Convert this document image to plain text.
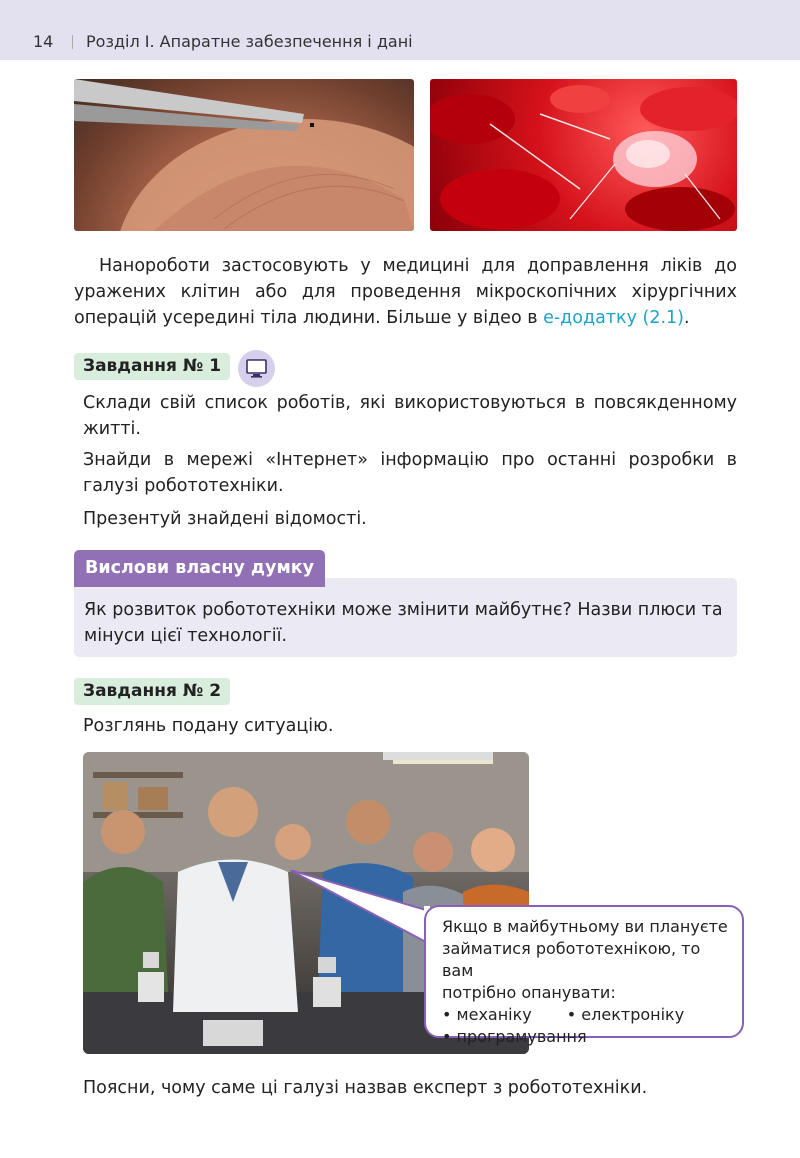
14 Розділ І. Апаратне забезпечення і дані

Нанороботи застосовують у медицині для доправлення ліків до уражених клітин або для проведення мікроскопічних хірургічних операцій усередині тіла людини. Більше у відео в е-додатку (2.1).

Завдання № 1

Склади свій список роботів, які використовуються в повсякденному житті.

Знайди в мережі «Інтернет» інформацію про останні розробки в галузі робототехніки.

Презентуй знайдені відомості.

Вислови власну думку

Як розвиток робототехніки може змінити майбутнє? Назви плюси та мінуси цієї технології.

Завдання № 2

Розглянь подану ситуацію.

Якщо в майбутньому ви плануєте
займатися робототехнікою, то вам
потрібно опанувати:
• механіку • електроніку
• програмування

Поясни, чому саме ці галузі назвав експерт з робототехніки.
